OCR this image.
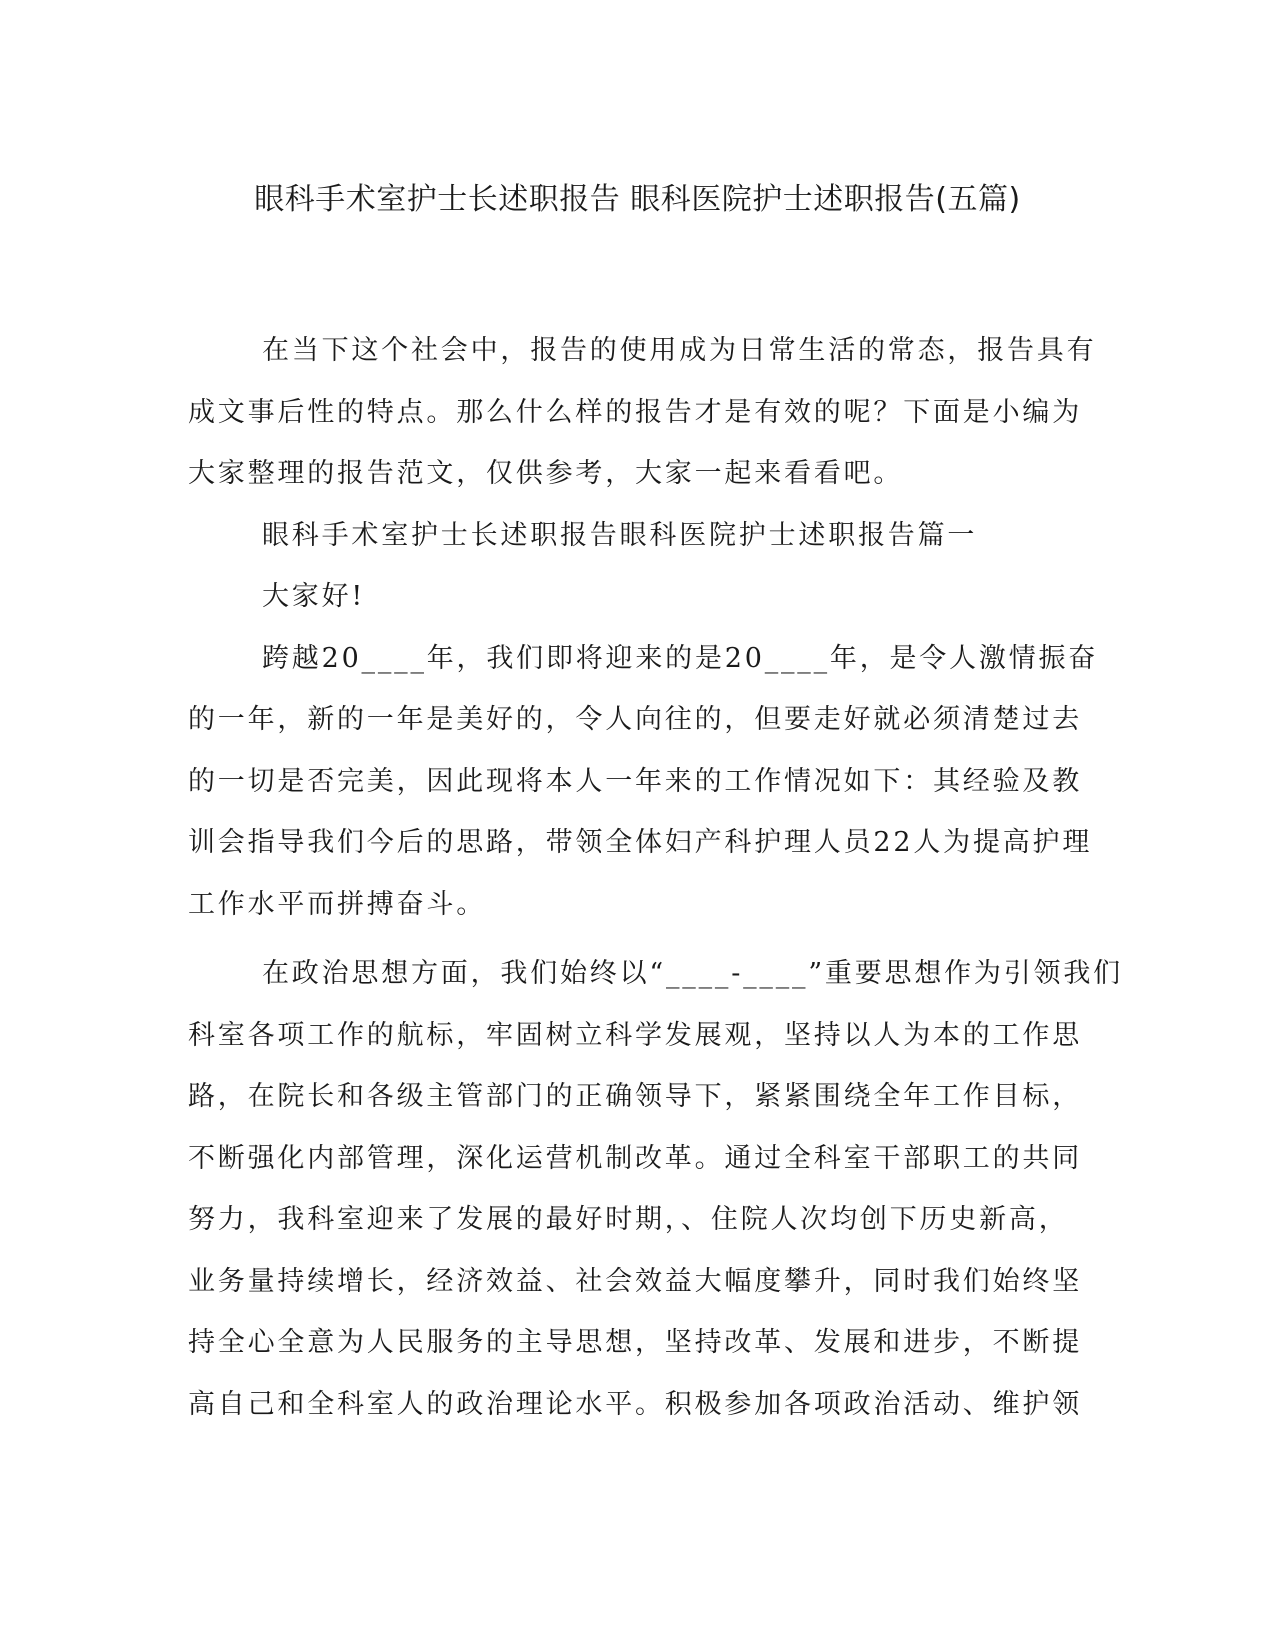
眼科手术室护士长述职报告 眼科医院护士述职报告(五篇)
在当下这个社会中，报告的使用成为日常生活的常态，报告具有
成文事后性的特点。那么什么样的报告才是有效的呢？下面是小编为
大家整理的报告范文，仅供参考，大家一起来看看吧。
眼科手术室护士长述职报告眼科医院护士述职报告篇一
大家好!
跨越20____年，我们即将迎来的是20____年，是令人激情振奋
的一年，新的一年是美好的，令人向往的，但要走好就必须清楚过去
的一切是否完美，因此现将本人一年来的工作情况如下：其经验及教
训会指导我们今后的思路，带领全体妇产科护理人员22人为提高护理
工作水平而拼搏奋斗。
在政治思想方面，我们始终以“____-____”重要思想作为引领我们
科室各项工作的航标，牢固树立科学发展观，坚持以人为本的工作思
路，在院长和各级主管部门的正确领导下，紧紧围绕全年工作目标，
不断强化内部管理，深化运营机制改革。通过全科室干部职工的共同
努力，我科室迎来了发展的最好时期，、住院人次均创下历史新高，
业务量持续增长，经济效益、社会效益大幅度攀升，同时我们始终坚
持全心全意为人民服务的主导思想，坚持改革、发展和进步，不断提
高自己和全科室人的政治理论水平。积极参加各项政治活动、维护领
